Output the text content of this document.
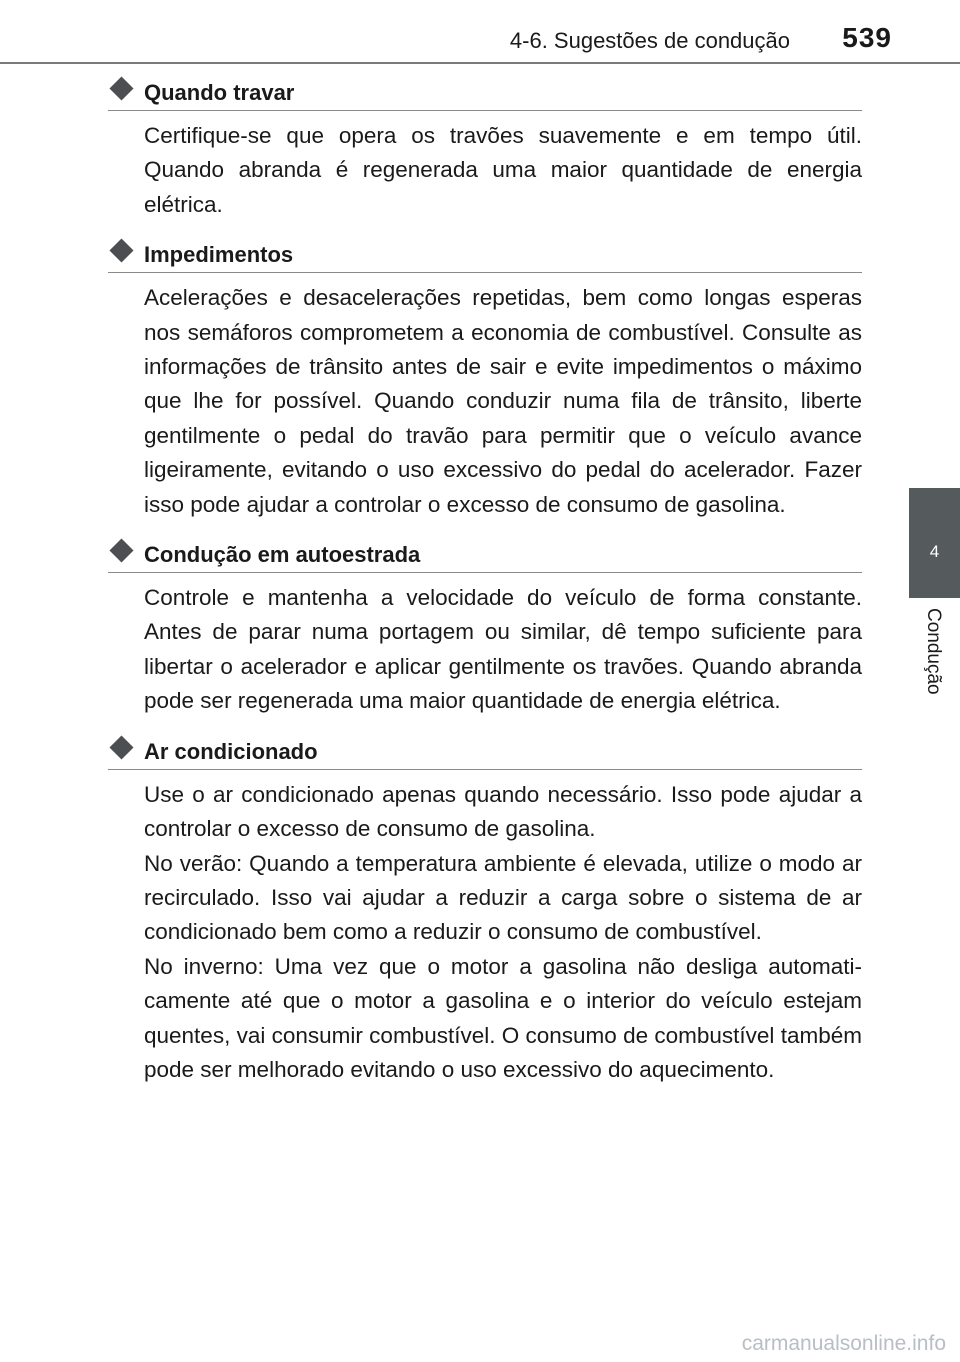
4-6. Sugestões de condução	539
4
Condução
Quando travar

Certifique-se que opera os travões suavemente e em tempo útil. Quando abranda é regenerada uma maior quantidade de energia elétrica.

Impedimentos

Acelerações e desacelerações repetidas, bem como longas esperas nos semáforos comprometem a economia de combustível. Consulte as informações de trânsito antes de sair e evite impedimentos o máximo que lhe for possível. Quando conduzir numa fila de trânsito, liberte gentilmente o pedal do travão para permitir que o veículo avance ligeiramente, evitando o uso excessivo do pedal do acelerador. Fazer isso pode ajudar a controlar o excesso de consumo de gasolina.

Condução em autoestrada

Controle e mantenha a velocidade do veículo de forma constante. Antes de parar numa portagem ou similar, dê tempo suficiente para libertar o acelerador e aplicar gentilmente os travões. Quando abranda pode ser regenerada uma maior quantidade de energia elétrica.

Ar condicionado

Use o ar condicionado apenas quando necessário. Isso pode ajudar a controlar o excesso de consumo de gasolina.

No verão: Quando a temperatura ambiente é elevada, utilize o modo ar recirculado. Isso vai ajudar a reduzir a carga sobre o sistema de ar condicionado bem como a reduzir o consumo de combustível.

No inverno: Uma vez que o motor a gasolina não desliga automaticamente até que o motor a gasolina e o interior do veículo estejam quentes, vai consumir combustível. O consumo de combustível também pode ser melhorado evitando o uso excessivo do aquecimento.

carmanualsonline.info
